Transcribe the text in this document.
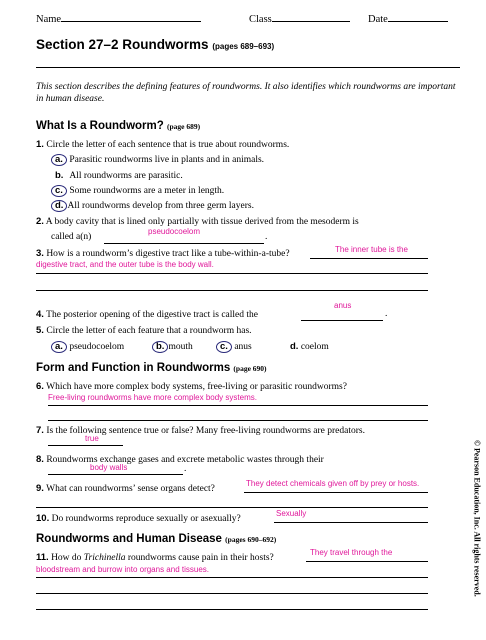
Name	Class	Date
Section 27–2 Roundworms (pages 689–693)
This section describes the defining features of roundworms. It also identifies which roundworms are important in human disease.
What Is a Roundworm? (page 689)
1. Circle the letter of each sentence that is true about roundworms.
a. Parasitic roundworms live in plants and in animals.
b. All roundworms are parasitic.
c. Some roundworms are a meter in length.
d. All roundworms develop from three germ layers.
2. A body cavity that is lined only partially with tissue derived from the mesoderm is
called a(n)
pseudocoelom
.
3. How is a roundworm’s digestive tract like a tube-within-a-tube?	The inner tube is the
digestive tract, and the outer tube is the body wall.
4. The posterior opening of the digestive tract is called the
anus
.
5. Circle the letter of each feature that a roundworm has.
a. pseudocoelom	b. mouth	c. anus	d. coelom
Form and Function in Roundworms (page 690)
6. Which have more complex body systems, free-living or parasitic roundworms?
Free-living roundworms have more complex body systems.
7. Is the following sentence true or false? Many free-living roundworms are predators.
true
8. Roundworms exchange gases and excrete metabolic wastes through their
body walls	.
9. What can roundworms’ sense organs detect?
They detect chemicals given off by prey or hosts.
10. Do roundworms reproduce sexually or asexually?
Sexually
Roundworms and Human Disease (pages 690–692)
11. How do Trichinella roundworms cause pain in their hosts?
They travel through the
bloodstream and burrow into organs and tissues.	© Pearson Education, Inc. All rights reserved.
